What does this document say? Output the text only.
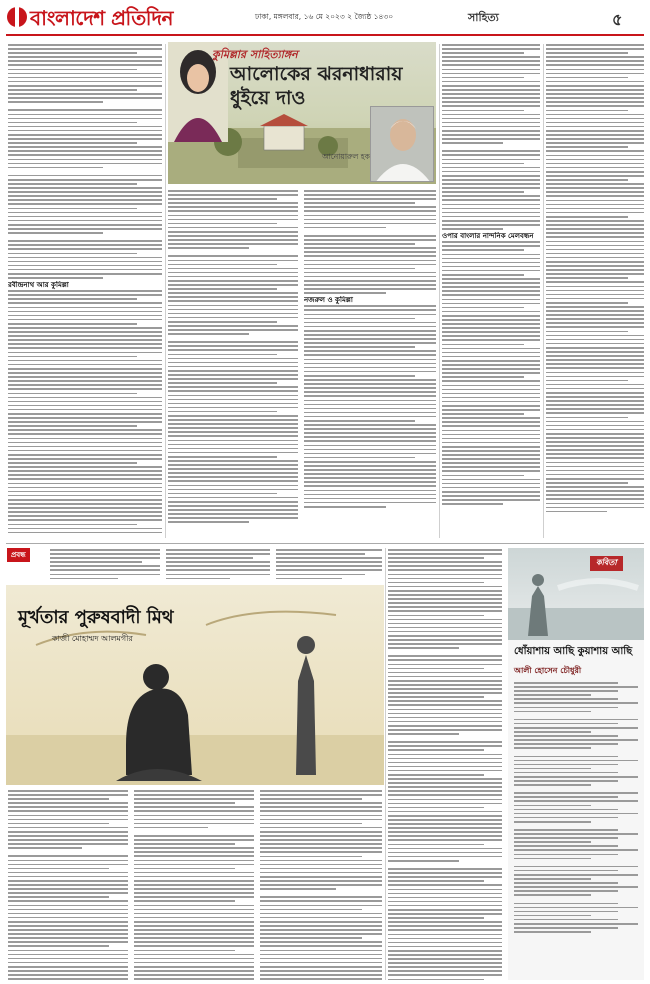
বাংলাদেশ প্রতিদিন	ঢাকা, মঙ্গলবার, ১৬ মে ২০২৩ ২ জ্যৈষ্ঠ ১৪৩০	সাহিত্য	৫
রবীন্দ্রনাথ আর কুমিল্লা
কুমিল্লার সাহিত্যাঙ্গন
আলোকের ঝরনাধারায় ধুইয়ে দাও
আনোয়ারুল হক
নজরুল ও কুমিল্লা
ওপার বাংলার নান্দনিক মেলবন্ধন
প্রবন্ধ
মূর্খতার পুরুষবাদী মিথ
কাজী মোহাম্মদ আলমগীর
কবিতা
ধোঁয়াশায় আছি কুয়াশায় আছি
আলী হোসেন চৌধুরী
